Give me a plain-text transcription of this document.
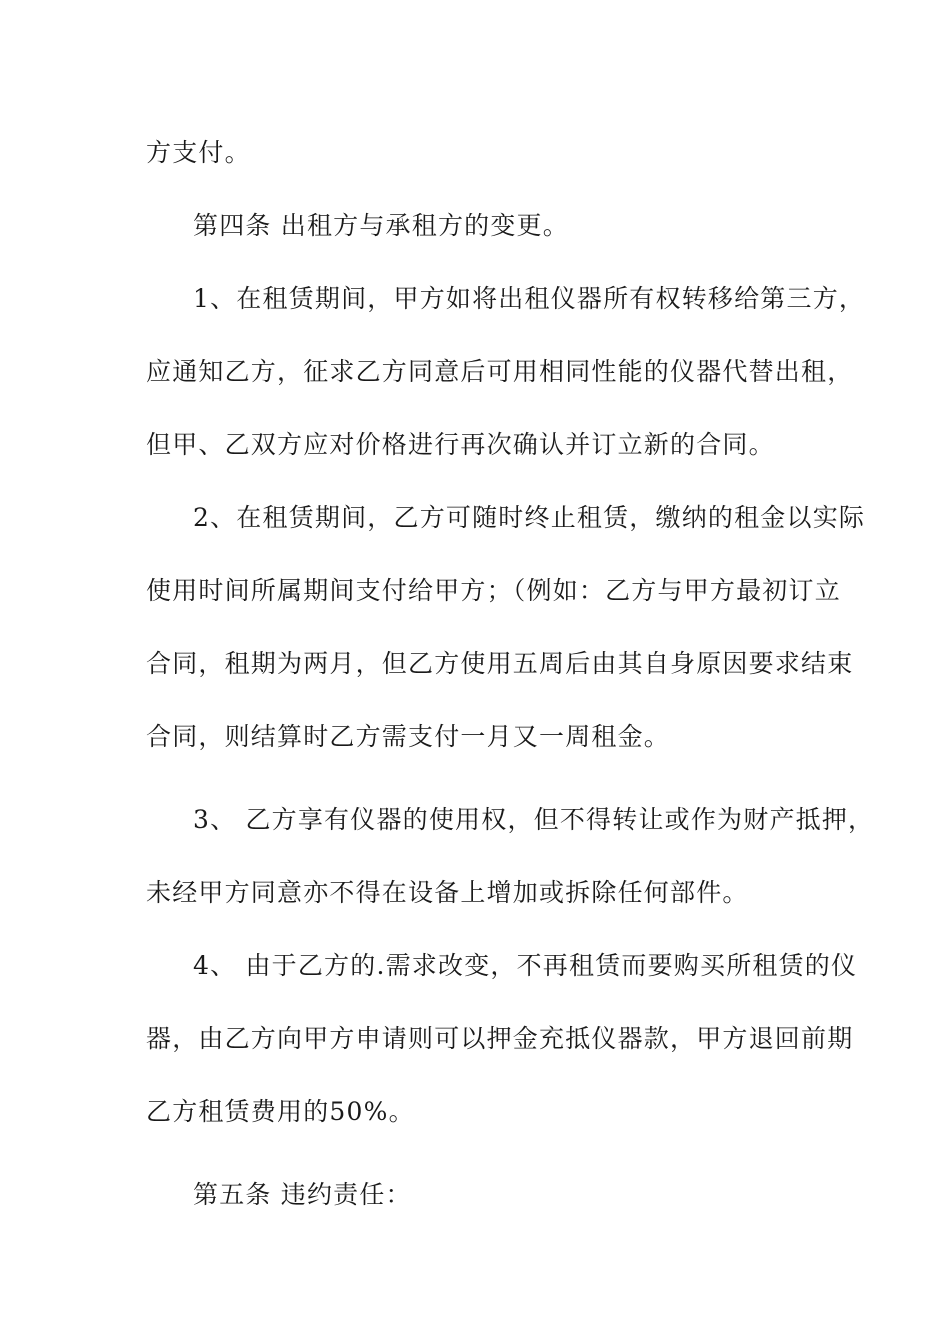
方支付。
第四条 出租方与承租方的变更。
1、在租赁期间，甲方如将出租仪器所有权转移给第三方，
应通知乙方，征求乙方同意后可用相同性能的仪器代替出租，
但甲、乙双方应对价格进行再次确认并订立新的合同。
2、在租赁期间，乙方可随时终止租赁，缴纳的租金以实际
使用时间所属期间支付给甲方；（例如：乙方与甲方最初订立
合同，租期为两月，但乙方使用五周后由其自身原因要求结束
合同，则结算时乙方需支付一月又一周租金。
3、 乙方享有仪器的使用权，但不得转让或作为财产抵押，
未经甲方同意亦不得在设备上增加或拆除任何部件。
4、 由于乙方的.需求改变，不再租赁而要购买所租赁的仪
器，由乙方向甲方申请则可以押金充抵仪器款，甲方退回前期
乙方租赁费用的50%。
第五条 违约责任：
